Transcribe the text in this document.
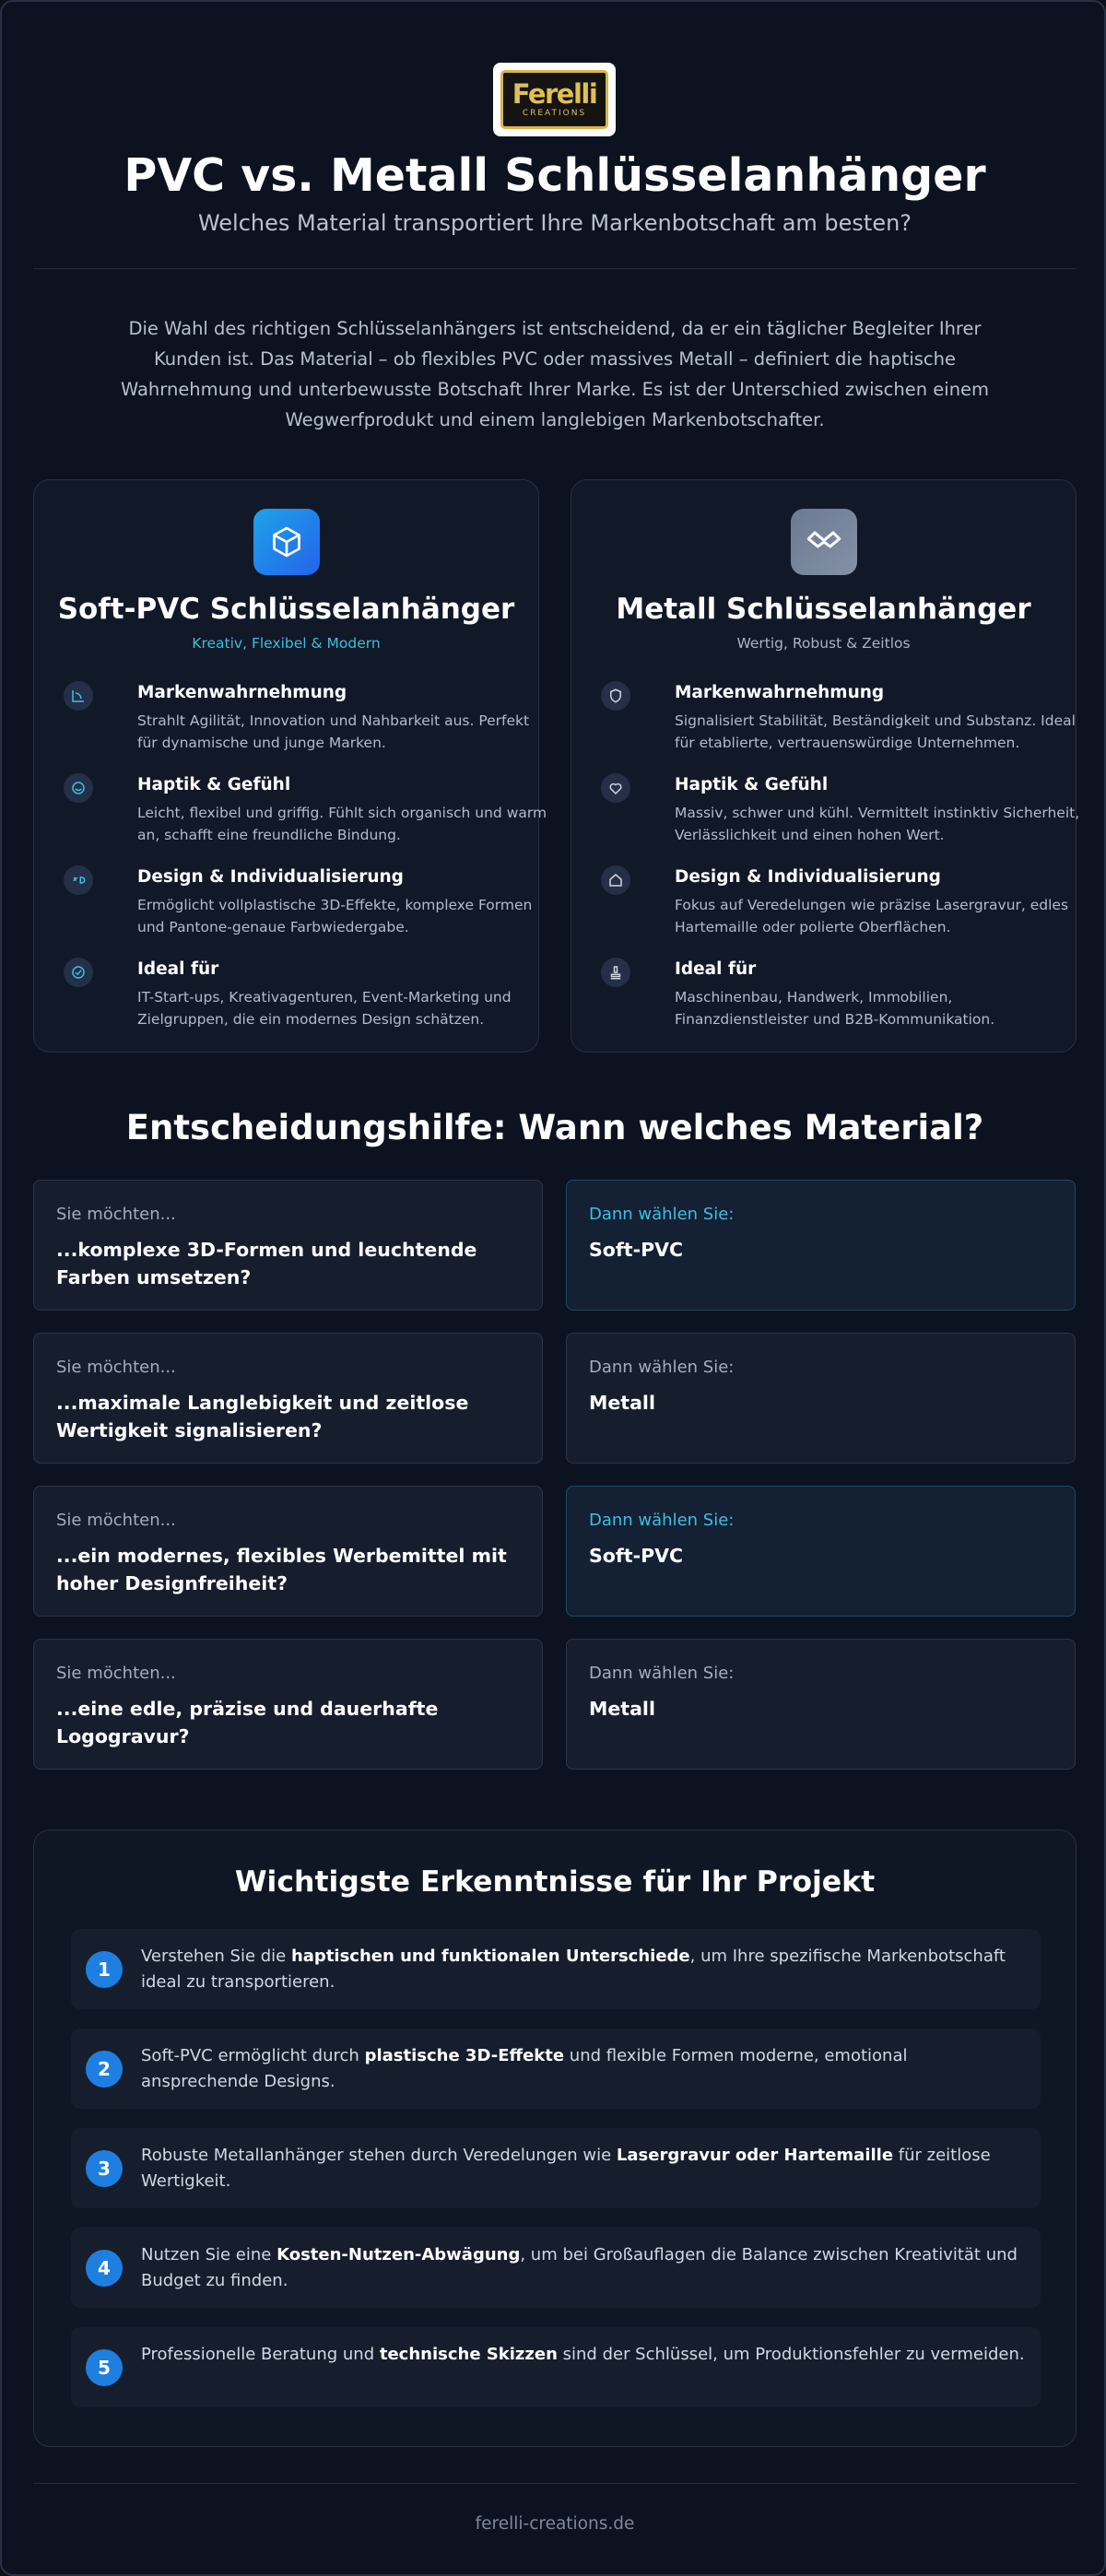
Ferelli
CREATIONS
PVC vs. Metall Schlüsselanhänger
Welches Material transportiert Ihre Markenbotschaft am besten?
Die Wahl des richtigen Schlüsselanhängers ist entscheidend, da er ein täglicher Begleiter Ihrer Kunden ist. Das Material – ob flexibles PVC oder massives Metall – definiert die haptische Wahrnehmung und unterbewusste Botschaft Ihrer Marke. Es ist der Unterschied zwischen einem Wegwerfprodukt und einem langlebigen Markenbotschafter.
Soft-PVC Schlüsselanhänger
Kreativ, Flexibel & Modern
Markenwahrnehmung
Strahlt Agilität, Innovation und Nahbarkeit aus. Perfekt für dynamische und junge Marken.
Haptik & Gefühl
Leicht, flexibel und griffig. Fühlt sich organisch und warm an, schafft eine freundliche Bindung.
Design & Individualisierung
Ermöglicht vollplastische 3D-Effekte, komplexe Formen und Pantone-genaue Farbwiedergabe.
Ideal für
IT-Start-ups, Kreativagenturen, Event-Marketing und Zielgruppen, die ein modernes Design schätzen.
Metall Schlüsselanhänger
Wertig, Robust & Zeitlos
Markenwahrnehmung
Signalisiert Stabilität, Beständigkeit und Substanz. Ideal für etablierte, vertrauenswürdige Unternehmen.
Haptik & Gefühl
Massiv, schwer und kühl. Vermittelt instinktiv Sicherheit, Verlässlichkeit und einen hohen Wert.
Design & Individualisierung
Fokus auf Veredelungen wie präzise Lasergravur, edles Hartemaille oder polierte Oberflächen.
Ideal für
Maschinenbau, Handwerk, Immobilien, Finanzdienstleister und B2B-Kommunikation.
Entscheidungshilfe: Wann welches Material?
Sie möchten...
...komplexe 3D-Formen und leuchtende Farben umsetzen?
Dann wählen Sie:
Soft-PVC
Sie möchten...
...maximale Langlebigkeit und zeitlose Wertigkeit signalisieren?
Dann wählen Sie:
Metall
Sie möchten...
...ein modernes, flexibles Werbemittel mit hoher Designfreiheit?
Dann wählen Sie:
Soft-PVC
Sie möchten...
...eine edle, präzise und dauerhafte Logogravur?
Dann wählen Sie:
Metall
Wichtigste Erkenntnisse für Ihr Projekt
1
Verstehen Sie die haptischen und funktionalen Unterschiede, um Ihre spezifische Markenbotschaft ideal zu transportieren.
2
Soft-PVC ermöglicht durch plastische 3D-Effekte und flexible Formen moderne, emotional ansprechende Designs.
3
Robuste Metallanhänger stehen durch Veredelungen wie Lasergravur oder Hartemaille für zeitlose Wertigkeit.
4
Nutzen Sie eine Kosten-Nutzen-Abwägung, um bei Großauflagen die Balance zwischen Kreativität und Budget zu finden.
5
Professionelle Beratung und technische Skizzen sind der Schlüssel, um Produktionsfehler zu vermeiden.
ferelli-creations.de
